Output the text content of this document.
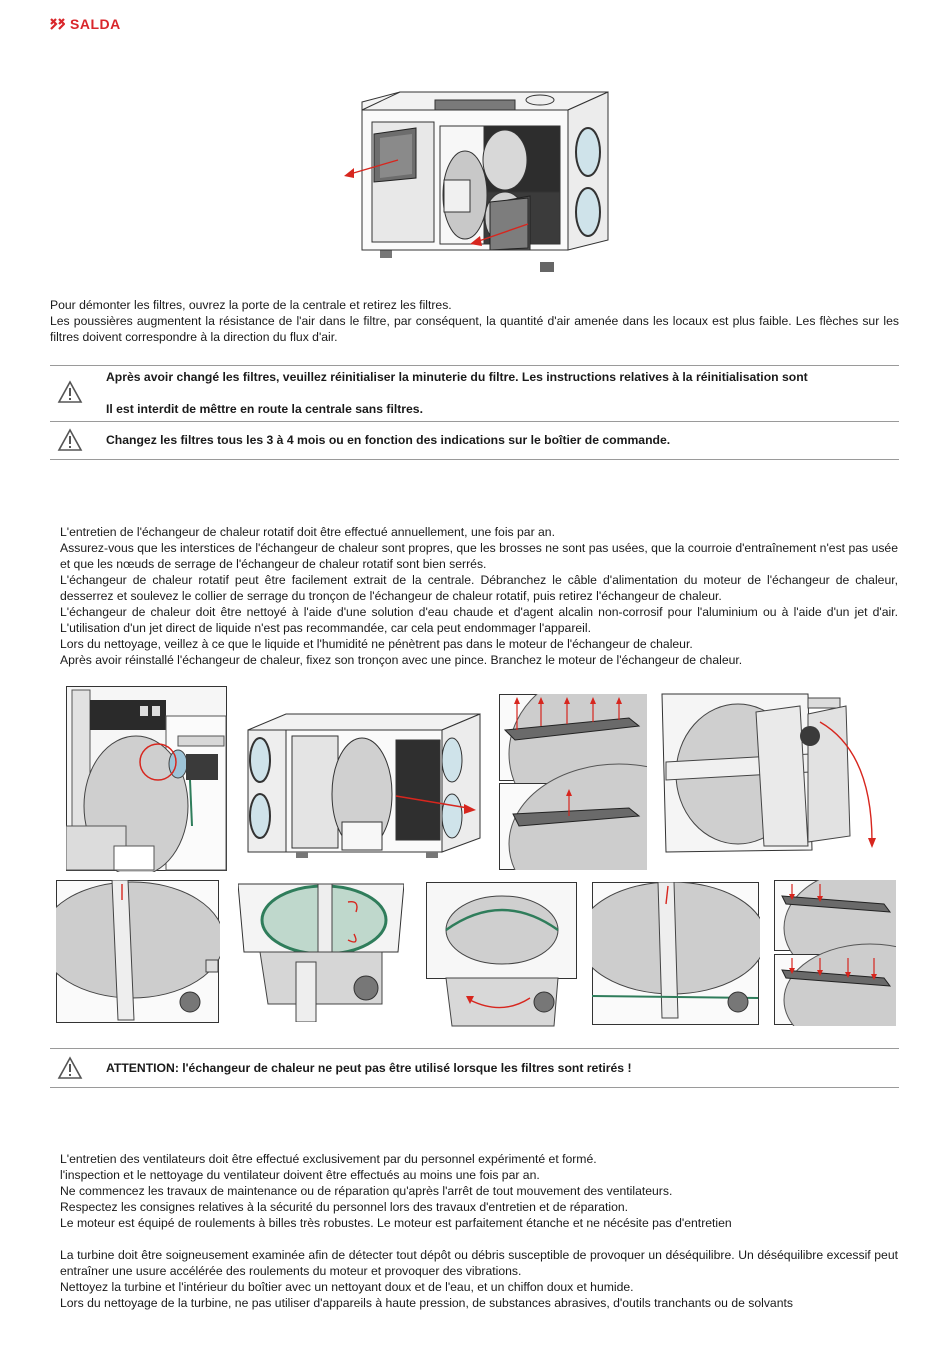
SALDA
Pour démonter les filtres, ouvrez la porte de la centrale et retirez les filtres.
Les poussières augmentent la résistance de l'air dans le filtre, par conséquent, la quantité d'air amenée dans les locaux est plus faible. Les flèches sur les filtres doivent correspondre à la direction du flux d'air.
Après avoir changé les filtres, veuillez réinitialiser la minuterie du filtre. Les instructions relatives à la réinitialisation sont
Il est interdit de mêttre en route la centrale sans filtres.
Changez les filtres tous les 3 à 4 mois ou en fonction des indications sur le boîtier de commande.
L'entretien de l'échangeur de chaleur rotatif doit être effectué annuellement, une fois par an.
Assurez-vous que les interstices de l'échangeur de chaleur sont propres, que les brosses ne sont pas usées, que la courroie d'entraînement n'est pas usée et que les nœuds de serrage de l'échangeur de chaleur rotatif sont bien serrés.
L'échangeur de chaleur rotatif peut être facilement extrait de la centrale. Débranchez le câble d'alimentation du moteur de l'échangeur de chaleur, desserrez et soulevez le collier de serrage du tronçon de l'échangeur de chaleur rotatif, puis retirez l'échangeur de chaleur.
L'échangeur de chaleur doit être nettoyé à l'aide d'une solution d'eau chaude et d'agent alcalin non-corrosif pour l'aluminium ou à l'aide d'un jet d'air. L'utilisation d'un jet direct de liquide n'est pas recommandée, car cela peut endommager l'appareil.
Lors du nettoyage, veillez à ce que le liquide et l'humidité ne pénètrent pas dans le moteur de l'échangeur de chaleur.
Après avoir réinstallé l'échangeur de chaleur, fixez son tronçon avec une pince. Branchez le moteur de l'échangeur de chaleur.
ATTENTION: l'échangeur de chaleur ne peut pas être utilisé lorsque les filtres sont retirés !
L'entretien des ventilateurs doit être effectué exclusivement par du personnel expérimenté et formé.
l'inspection et le nettoyage du ventilateur doivent être effectués au moins une fois par an.
Ne commencez les travaux de maintenance ou de réparation qu'après l'arrêt de tout mouvement des ventilateurs.
Respectez les consignes relatives à la sécurité du personnel lors des travaux d'entretien et de réparation.
Le moteur est équipé de roulements à billes très robustes. Le moteur est parfaitement étanche et ne nécésite pas d'entretien
La turbine doit être soigneusement examinée afin de détecter tout dépôt ou débris susceptible de provoquer un déséquilibre. Un déséquilibre excessif peut entraîner une usure accélérée des roulements du moteur et provoquer des vibrations.
Nettoyez la turbine et l'intérieur du boîtier avec un nettoyant doux et de l'eau, et un chiffon doux et humide.
Lors du nettoyage de la turbine, ne pas utiliser d'appareils à haute pression, de substances abrasives, d'outils tranchants ou de solvants
